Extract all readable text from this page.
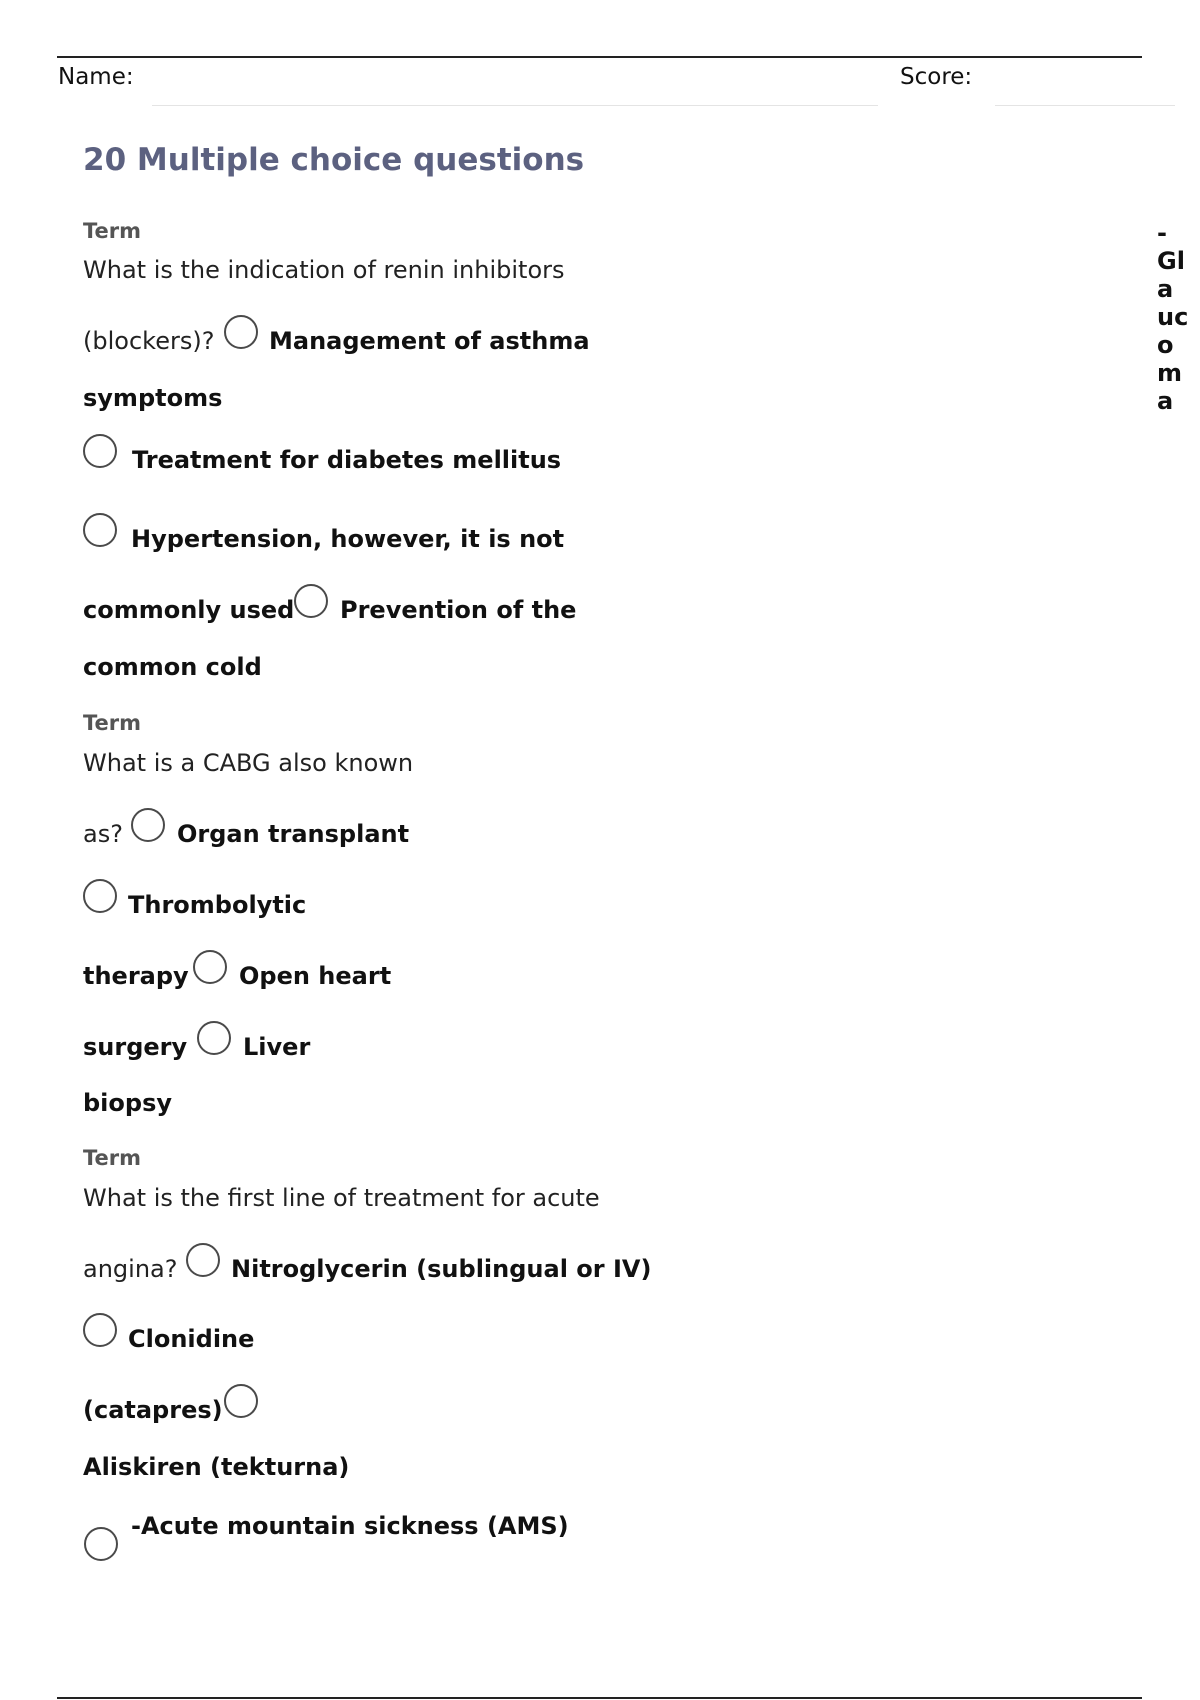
Name:	Score:
20 Multiple choice questions
Term
What is the indication of renin inhibitors
(blockers)? Management of asthma
symptoms
Treatment for diabetes mellitus
Hypertension, however, it is not
commonly used Prevention of the
common cold
Term
What is a CABG also known
as? Organ transplant
Thrombolytic
therapy Open heart
surgery Liver
biopsy
Term
What is the first line of treatment for acute
angina? Nitroglycerin (sublingual or IV)
Clonidine
(catapres)
Aliskiren (tekturna)
-Acute mountain sickness (AMS)
-
Gl
a
uc
o
m
a
